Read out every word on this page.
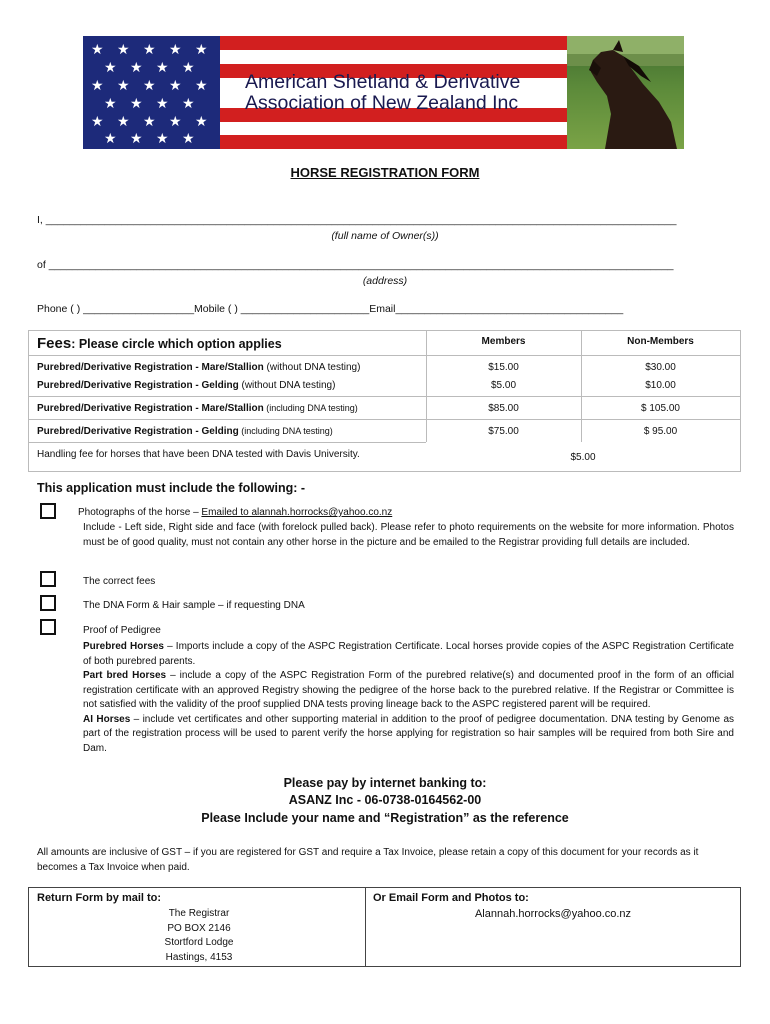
★ ★ ★ ★ ★
★ ★ ★ ★
★ ★ ★ ★ ★
★ ★ ★ ★
★ ★ ★ ★ ★
★ ★ ★ ★
American Shetland & Derivative
Association of New Zealand Inc
HORSE REGISTRATION FORM
I, ____________________________________________________________________________________________________________
(full name of Owner(s))
of ___________________________________________________________________________________________________________
(address)
Phone ( ) ___________________Mobile ( ) ______________________Email_______________________________________
Fees: Please circle which option applies	Members	Non-Members
Purebred/Derivative Registration - Mare/Stallion (without DNA testing)	$15.00	$30.00
Purebred/Derivative Registration - Gelding (without DNA testing)	$5.00	$10.00
Purebred/Derivative Registration - Mare/Stallion (including DNA testing)	$85.00	$ 105.00
Purebred/Derivative Registration - Gelding (including DNA testing)	$75.00	$ 95.00
Handling fee for horses that have been DNA tested with Davis University.	$5.00
This application must include the following: -
Photographs of the horse – Emailed to alannah.horrocks@yahoo.co.nz
Include - Left side, Right side and face (with forelock pulled back). Please refer to photo requirements on the website for more information. Photos must be of good quality, must not contain any other horse in the picture and be emailed to the Registrar providing full details are included.
The correct fees
The DNA Form & Hair sample – if requesting DNA
Proof of Pedigree

Purebred Horses – Imports include a copy of the ASPC Registration Certificate. Local horses provide copies of the ASPC Registration Certificate of both purebred parents.

Part bred Horses – include a copy of the ASPC Registration Form of the purebred relative(s) and documented proof in the form of an official registration certificate with an approved Registry showing the pedigree of the horse back to the purebred relative. If the Registrar or Committee is not satisfied with the validity of the proof supplied DNA tests proving lineage back to the ASPC registered parent will be required.

AI Horses – include vet certificates and other supporting material in addition to the proof of pedigree documentation. DNA testing by Genome as part of the registration process will be used to parent verify the horse applying for registration so hair samples will be required from both Sire and Dam.

Please pay by internet banking to:
ASANZ Inc - 06-0738-0164562-00
Please Include your name and “Registration” as the reference
All amounts are inclusive of GST – if you are registered for GST and require a Tax Invoice, please retain a copy of this document for your records as it becomes a Tax Invoice when paid.
Return Form by mail to:
The Registrar
PO BOX 2146
Stortford Lodge
Hastings, 4153
Or Email Form and Photos to:
Alannah.horrocks@yahoo.co.nz
